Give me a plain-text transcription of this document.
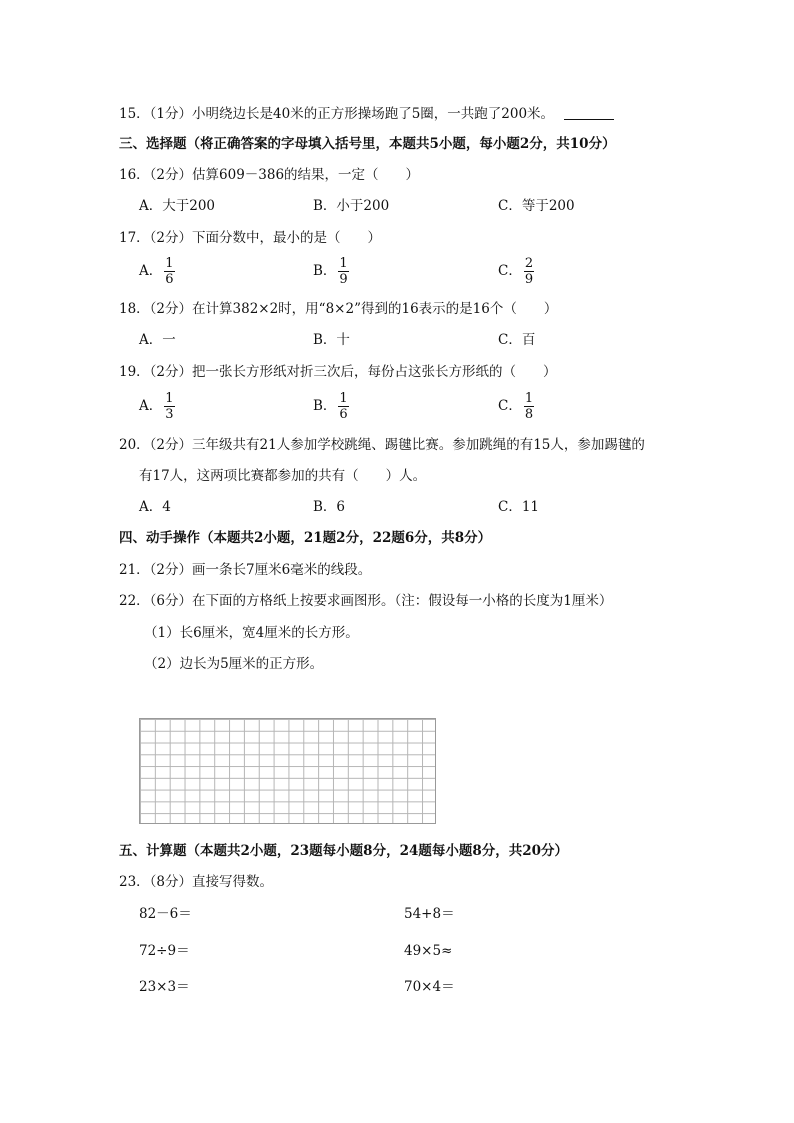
15．（1分）小明绕边长是40米的正方形操场跑了5圈，一共跑了200米。
三、选择题（将正确答案的字母填入括号里，本题共5小题，每小题2分，共10分）
16．（2分）估算609－386的结果，一定（　　）
A．大于200	B．小于200	C．等于200
17．（2分）下面分数中，最小的是（　　）
A． $\frac{1}{6}$	B． $\frac{1}{9}$	C． $\frac{2}{9}$
18．（2分）在计算382×2时，用“8×2”得到的16表示的是16个（　　）
A．一	B．十	C．百
19．（2分）把一张长方形纸对折三次后，每份占这张长方形纸的（　　）
A． $\frac{1}{3}$	B． $\frac{1}{6}$	C． $\frac{1}{8}$
20．（2分）三年级共有21人参加学校跳绳、踢毽比赛。参加跳绳的有15人，参加踢毽的
有17人，这两项比赛都参加的共有（　　）人。
A．4	B．6	C．11
四、动手操作（本题共2小题，21题2分，22题6分，共8分）
21．（2分）画一条长7厘米6毫米的线段。
22．（6分）在下面的方格纸上按要求画图形。（注：假设每一小格的长度为1厘米）
（1）长6厘米，宽4厘米的长方形。
（2）边长为5厘米的正方形。
五、计算题（本题共2小题，23题每小题8分，24题每小题8分，共20分）
23．（8分）直接写得数。
82－6＝	54+8＝
72÷9＝	49×5≈
23×3＝	70×4＝
